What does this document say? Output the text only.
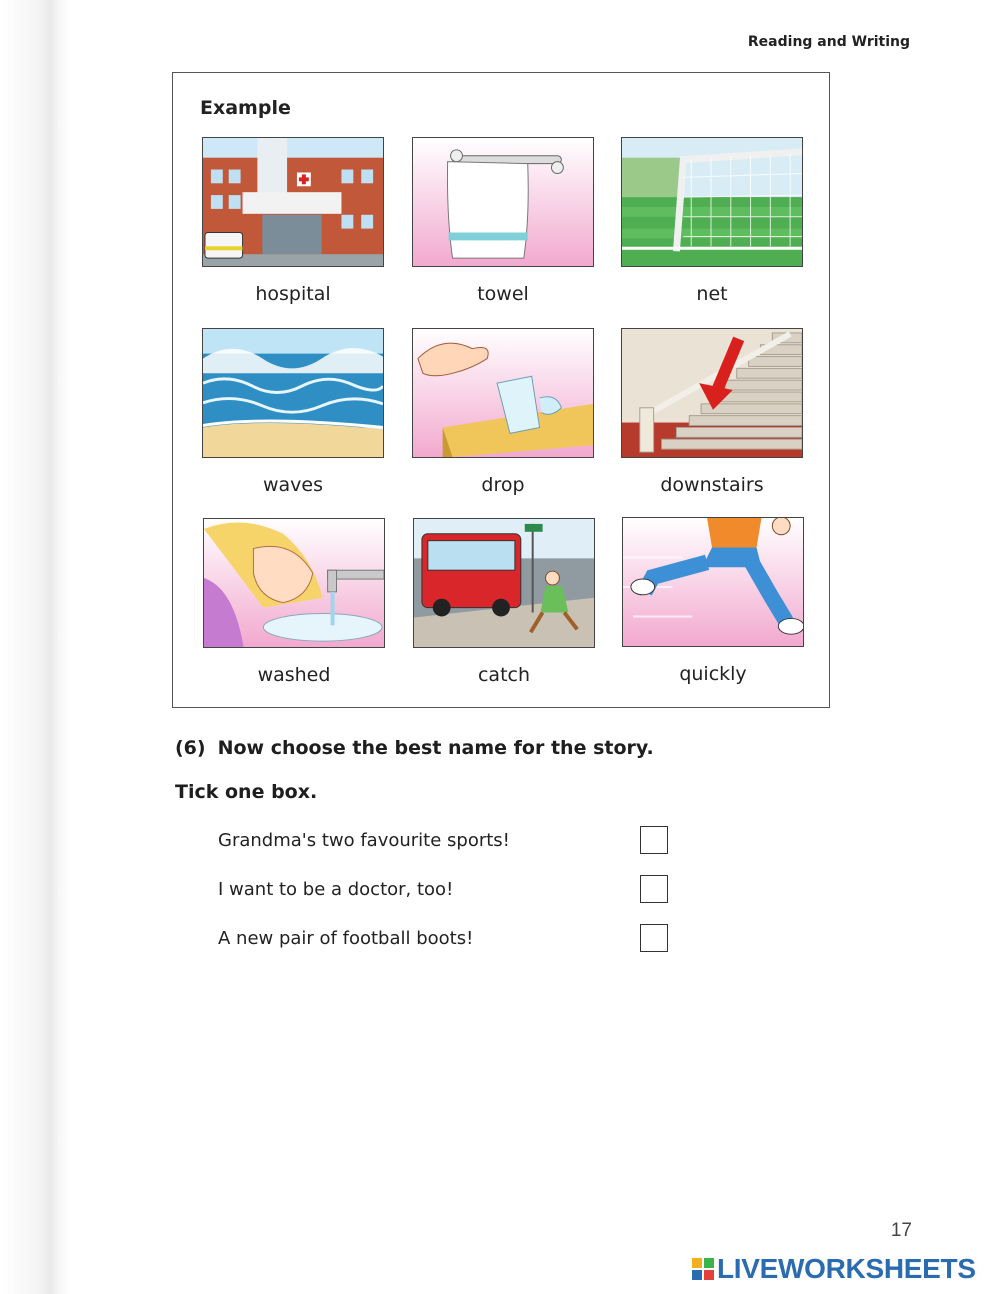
Reading and Writing
Example
hospital	towel	net
waves	drop	downstairs
washed	catch	quickly
(6) Now choose the best name for the story.
Tick one box.
Grandma's two favourite sports!
I want to be a doctor, too!
A new pair of football boots!
17
LIVEWORKSHEETS
